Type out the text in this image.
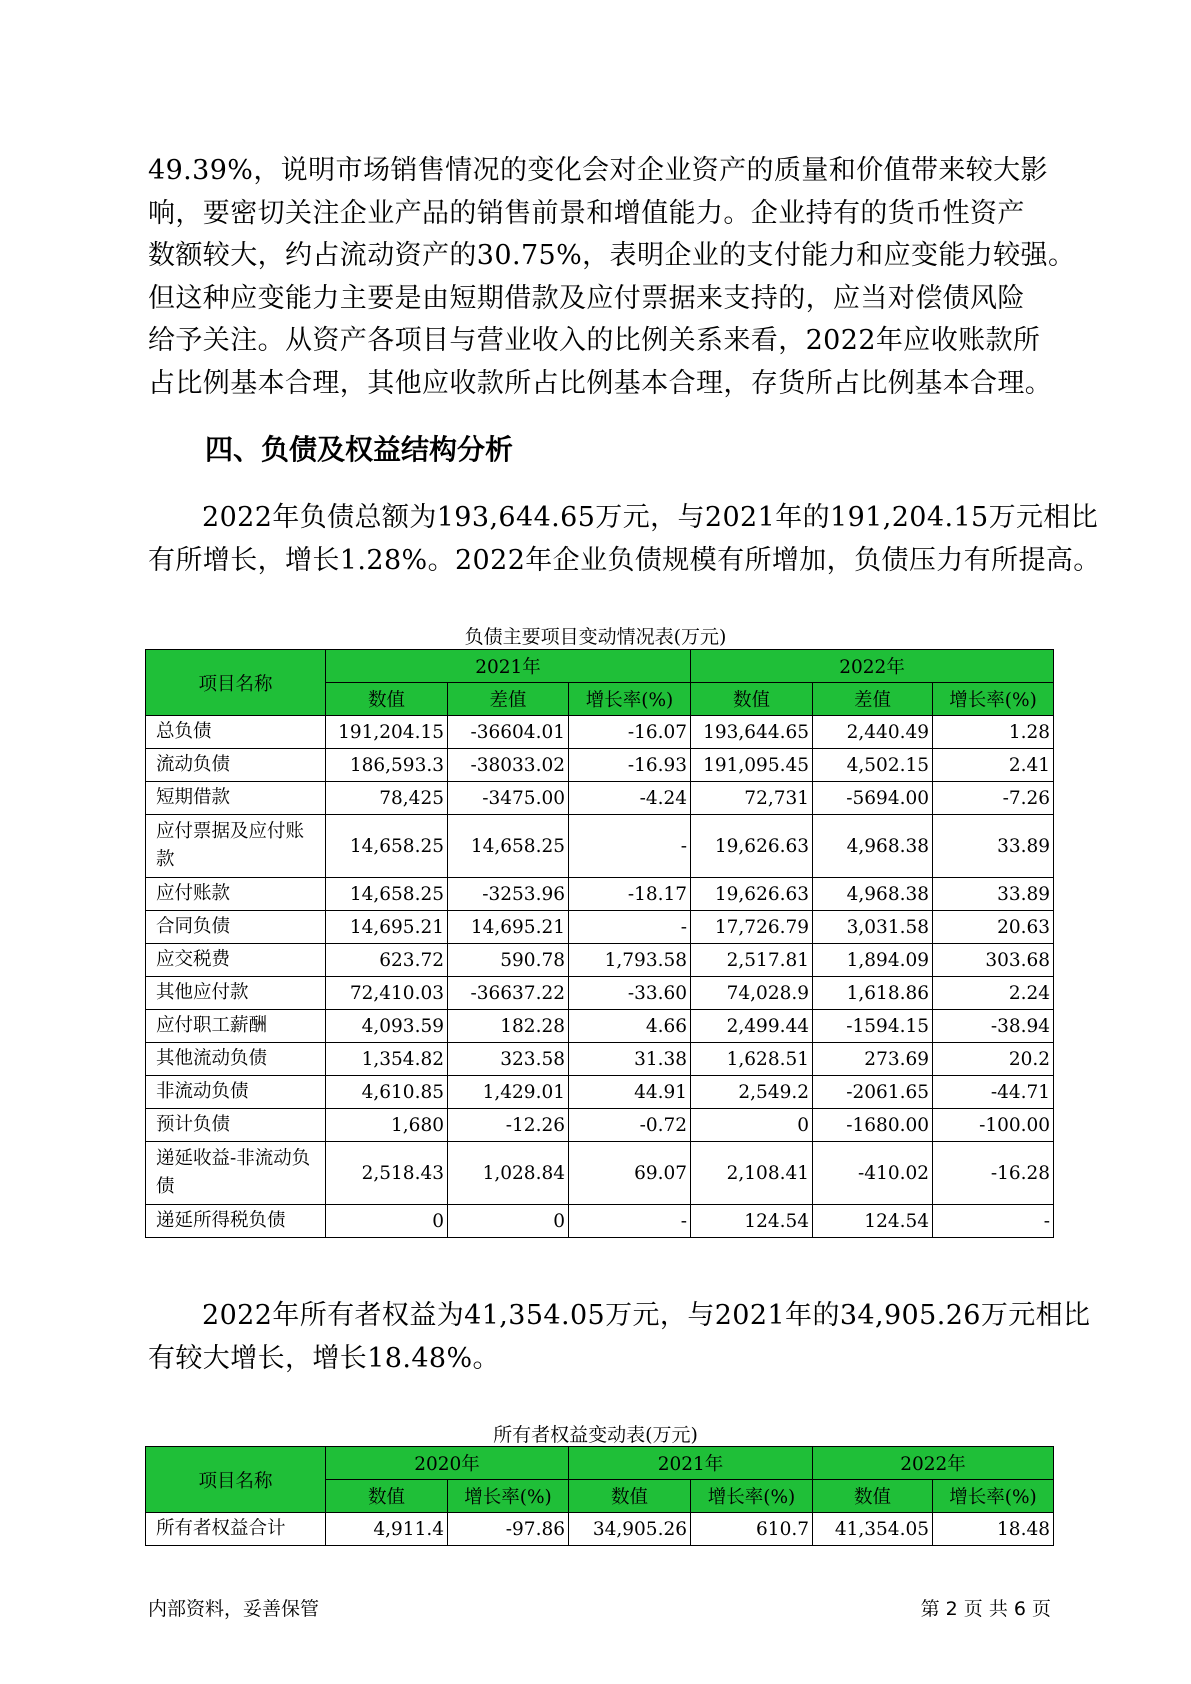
49.39%，说明市场销售情况的变化会对企业资产的质量和价值带来较大影
响，要密切关注企业产品的销售前景和增值能力。企业持有的货币性资产
数额较大，约占流动资产的30.75%，表明企业的支付能力和应变能力较强。
但这种应变能力主要是由短期借款及应付票据来支持的，应当对偿债风险
给予关注。从资产各项目与营业收入的比例关系来看，2022年应收账款所
占比例基本合理，其他应收款所占比例基本合理，存货所占比例基本合理。
四、负债及权益结构分析
2022年负债总额为193,644.65万元，与2021年的191,204.15万元相比
有所增长，增长1.28%。2022年企业负债规模有所增加，负债压力有所提高。

负债主要项目变动情况表(万元)

项目名称	2021年			2022年		
	数值	差值	增长率(%)	数值	差值	增长率(%)
总负债	191,204.15	-36604.01	-16.07	193,644.65	2,440.49	1.28
流动负债	186,593.3	-38033.02	-16.93	191,095.45	4,502.15	2.41
短期借款	78,425	-3475.00	-4.24	72,731	-5694.00	-7.26
应付票据及应付账款	14,658.25	14,658.25	-	19,626.63	4,968.38	33.89
应付账款	14,658.25	-3253.96	-18.17	19,626.63	4,968.38	33.89
合同负债	14,695.21	14,695.21	-	17,726.79	3,031.58	20.63
应交税费	623.72	590.78	1,793.58	2,517.81	1,894.09	303.68
其他应付款	72,410.03	-36637.22	-33.60	74,028.9	1,618.86	2.24
应付职工薪酬	4,093.59	182.28	4.66	2,499.44	-1594.15	-38.94
其他流动负债	1,354.82	323.58	31.38	1,628.51	273.69	20.2
非流动负债	4,610.85	1,429.01	44.91	2,549.2	-2061.65	-44.71
预计负债	1,680	-12.26	-0.72	0	-1680.00	-100.00
递延收益-非流动负债	2,518.43	1,028.84	69.07	2,108.41	-410.02	-16.28
递延所得税负债	0	0	-	124.54	124.54	-
2022年所有者权益为41,354.05万元，与2021年的34,905.26万元相比
有较大增长，增长18.48%。

所有者权益变动表(万元)

项目名称	2020年		2021年		2022年	
	数值	增长率(%)	数值	增长率(%)	数值	增长率(%)
所有者权益合计	4,911.4	-97.86	34,905.26	610.7	41,354.05	18.48
内部资料，妥善保管	第 2 页 共 6 页
